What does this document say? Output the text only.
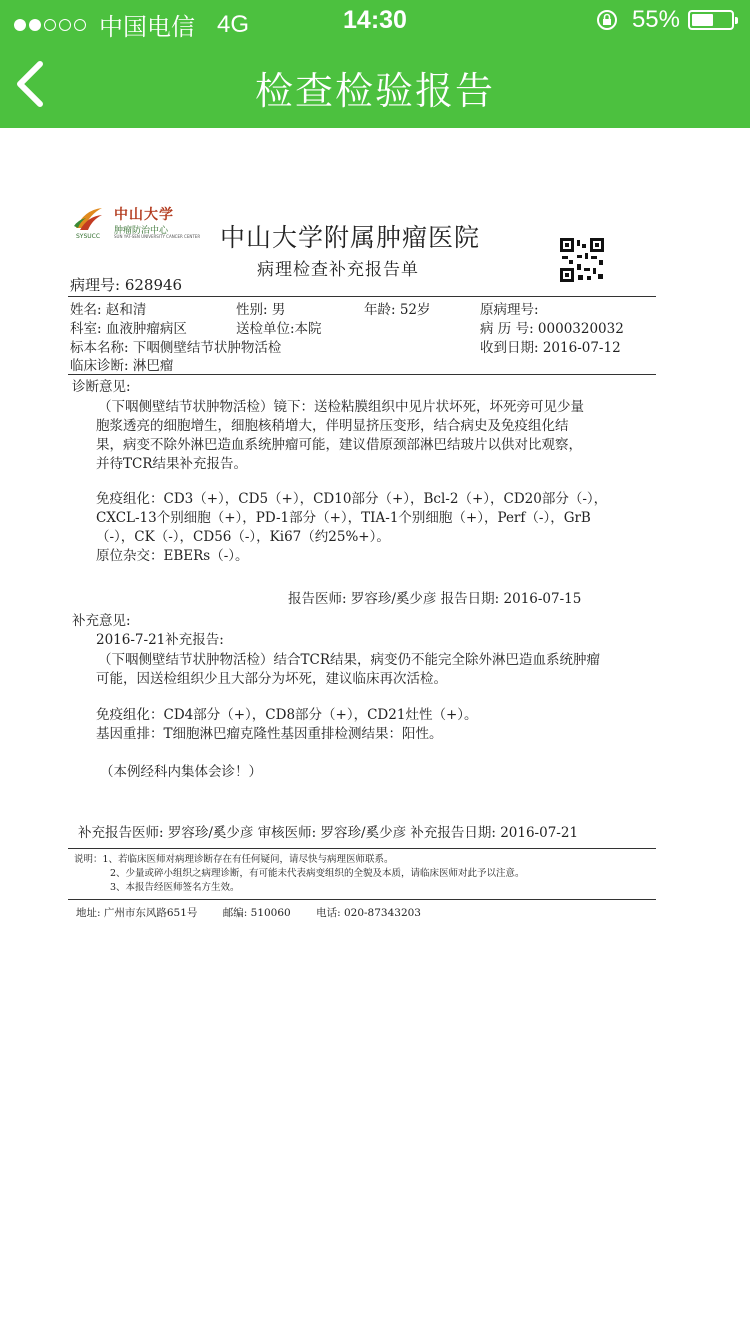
中国电信 4G	14:30	55%
检查检验报告
中山大学
肿瘤防治中心
SYSUCC	SUN YAT-SEN UNIVERSITY CANCER CENTER 中山大学附属肿瘤医院
病理检查补充报告单
病理号: 628946
姓名: 赵和清	性别: 男	年龄: 52岁	原病理号:
科室: 血液肿瘤病区	送检单位:本院	病 历 号: 0000320032
标本名称: 下咽侧壁结节状肿物活检	收到日期: 2016-07-12
临床诊断: 淋巴瘤
诊断意见:
（下咽侧壁结节状肿物活检）镜下：送检粘膜组织中见片状坏死，坏死旁可见少量
胞浆透亮的细胞增生，细胞核稍增大，伴明显挤压变形，结合病史及免疫组化结
果，病变不除外淋巴造血系统肿瘤可能，建议借原颈部淋巴结玻片以供对比观察，
并待TCR结果补充报告。
免疫组化：CD3（+），CD5（+），CD10部分（+），Bcl-2（+），CD20部分（-），
CXCL-13个别细胞（+），PD-1部分（+），TIA-1个别细胞（+），Perf（-），GrB
（-），CK（-），CD56（-），Ki67（约25%+）。
原位杂交：EBERs（-）。
报告医师: 罗容珍/奚少彦 报告日期: 2016-07-15
补充意见:
2016-7-21补充报告:
（下咽侧壁结节状肿物活检）结合TCR结果，病变仍不能完全除外淋巴造血系统肿瘤
可能，因送检组织少且大部分为坏死，建议临床再次活检。
免疫组化：CD4部分（+），CD8部分（+），CD21灶性（+）。
基因重排：T细胞淋巴瘤克隆性基因重排检测结果：阳性。
（本例经科内集体会诊！）
补充报告医师: 罗容珍/奚少彦 审核医师: 罗容珍/奚少彦 补充报告日期: 2016-07-21
说明：1、若临床医师对病理诊断存在有任何疑问，请尽快与病理医师联系。
2、少量或碎小组织之病理诊断，有可能未代表病变组织的全貌及本质，请临床医师对此予以注意。
3、本报告经医师签名方生效。
地址: 广州市东风路651号 邮编: 510060 电话: 020-87343203
